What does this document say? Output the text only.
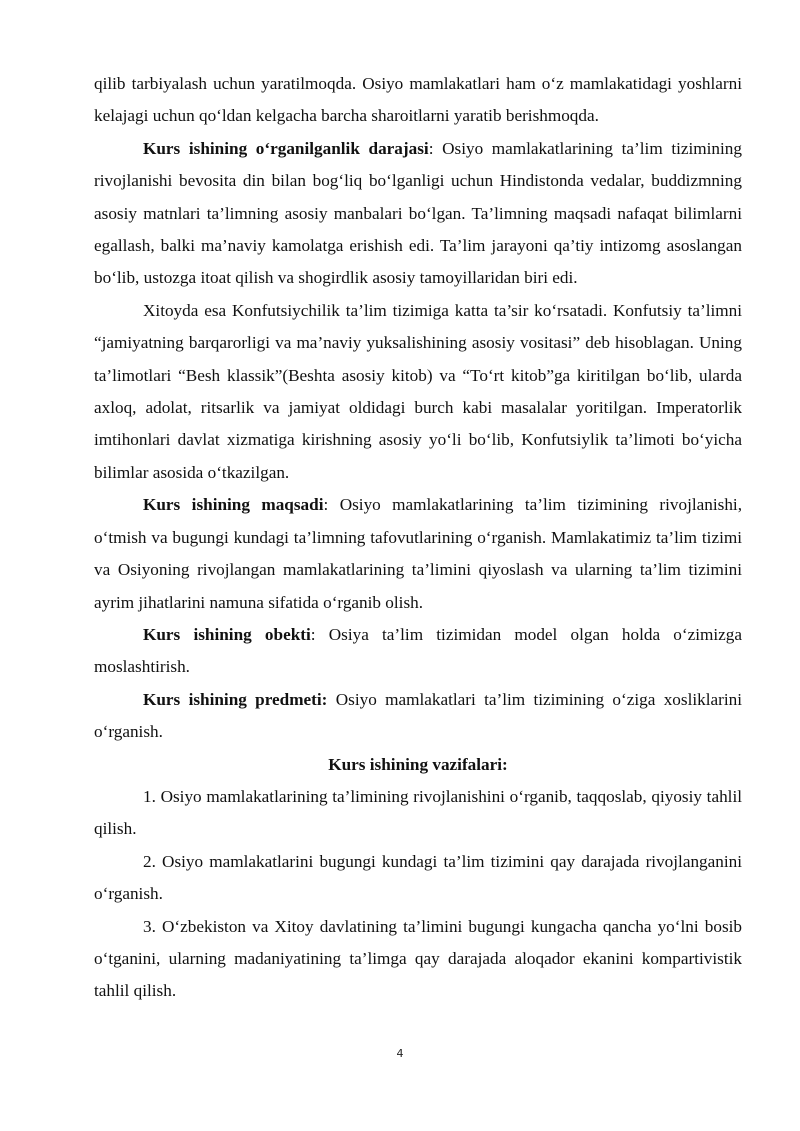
qilib tarbiyalash uchun yaratilmoqda. Osiyo mamlakatlari ham o‘z mamlakatidagi yoshlarni kelajagi uchun qo‘ldan kelgacha barcha sharoitlarni yaratib berishmoqda.

Kurs ishining o‘rganilganlik darajasi: Osiyo mamlakatlarining ta’lim tizimining rivojlanishi bevosita din bilan bog‘liq bo‘lganligi uchun Hindistonda vedalar, buddizmning asosiy matnlari ta’limning asosiy manbalari bo‘lgan. Ta’limning maqsadi nafaqat bilimlarni egallash, balki ma’naviy kamolatga erishish edi. Ta’lim jarayoni qa’tiy intizomg asoslangan bo‘lib, ustozga itoat qilish va shogirdlik asosiy tamoyillaridan biri edi.

Xitoyda esa Konfutsiychilik ta’lim tizimiga katta ta’sir ko‘rsatadi. Konfutsiy ta’limni “jamiyatning barqarorligi va ma’naviy yuksalishining asosiy vositasi” deb hisoblagan. Uning ta’limotlari “Besh klassik”(Beshta asosiy kitob) va “To‘rt kitob”ga kiritilgan bo‘lib, ularda axloq, adolat, ritsarlik va jamiyat oldidagi burch kabi masalalar yoritilgan. Imperatorlik imtihonlari davlat xizmatiga kirishning asosiy yo‘li bo‘lib, Konfutsiylik ta’limoti bo‘yicha bilimlar asosida o‘tkazilgan.

Kurs ishining maqsadi: Osiyo mamlakatlarining ta’lim tizimining rivojlanishi, o‘tmish va bugungi kundagi ta’limning tafovutlarining o‘rganish. Mamlakatimiz ta’lim tizimi va Osiyoning rivojlangan mamlakatlarining ta’limini qiyoslash va ularning ta’lim tizimini ayrim jihatlarini namuna sifatida o‘rganib olish.

Kurs ishining obekti: Osiya ta’lim tizimidan model olgan holda o‘zimizga moslashtirish.

Kurs ishining predmeti: Osiyo mamlakatlari ta’lim tizimining o‘ziga xosliklarini o‘rganish.

Kurs ishining vazifalari:

1. Osiyo mamlakatlarining ta’limining rivojlanishini o‘rganib, taqqoslab, qiyosiy tahlil qilish.

2. Osiyo mamlakatlarini bugungi kundagi ta’lim tizimini qay darajada rivojlanganini o‘rganish.

3. O‘zbekiston va Xitoy davlatining ta’limini bugungi kungacha qancha yo‘lni bosib o‘tganini, ularning madaniyatining ta’limga qay darajada aloqador ekanini kompartivistik tahlil qilish.

4
